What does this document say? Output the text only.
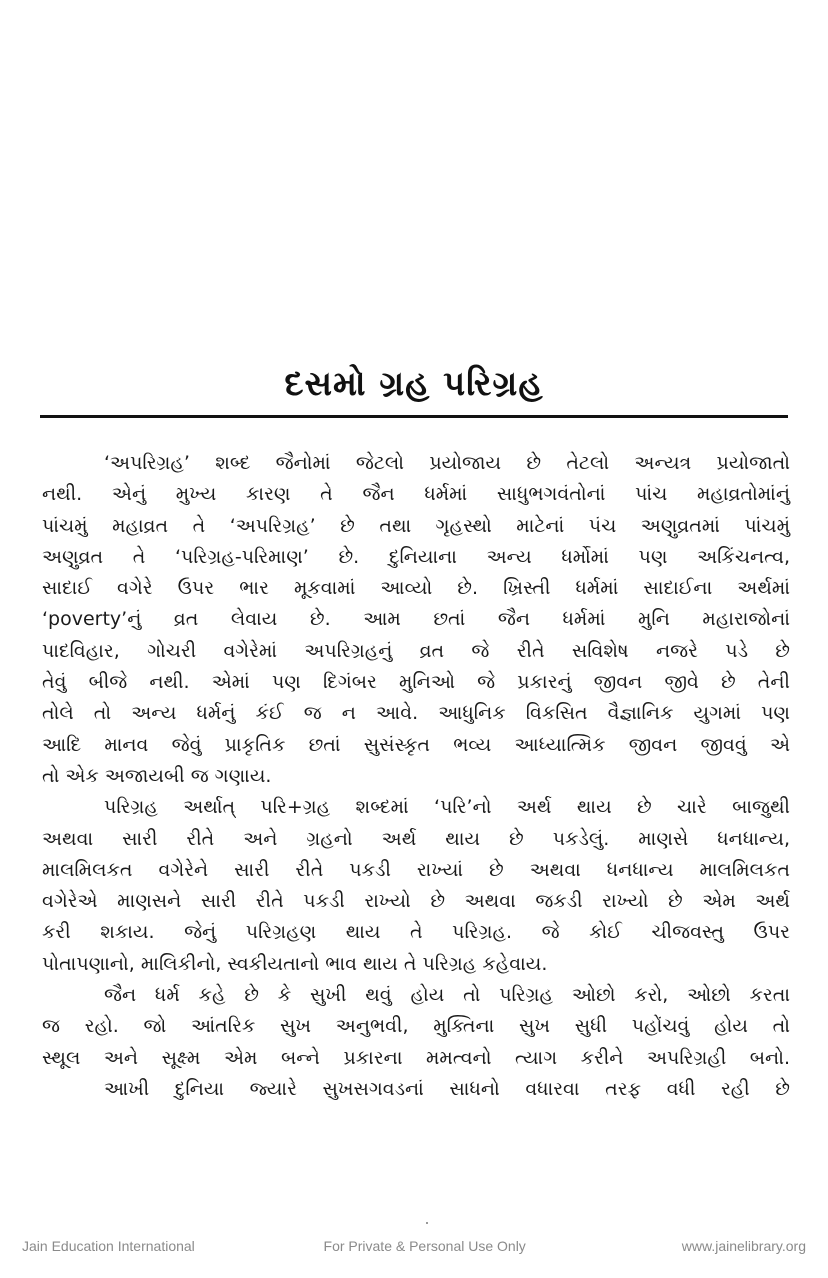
દસમો ગ્રહ પરિગ્રહ
‘અપરિગ્રહ’ શબ્દ જૈનોમાં જેટલો પ્રયોજાય છે તેટલો અન્યત્ર પ્રયોજાતો
નથી. એનું મુખ્ય કારણ તે જૈન ધર્મમાં સાધુભગવંતોનાં પાંચ મહાવ્રતોમાંનું
પાંચમું મહાવ્રત તે ‘અપરિગ્રહ’ છે તથા ગૃહસ્થો માટેનાં પંચ અણુવ્રતમાં પાંચમું
અણુવ્રત તે ‘પરિગ્રહ-પરિમાણ’ છે. દુનિયાના અન્ય ધર્મોમાં પણ અકિંચનત્વ,
સાદાઈ વગેરે ઉપર ભાર મૂકવામાં આવ્યો છે. ખ્રિસ્તી ધર્મમાં સાદાઈના અર્થમાં
‘poverty’નું વ્રત લેવાય છે. આમ છતાં જૈન ધર્મમાં મુનિ મહારાજોનાં
પાદવિહાર, ગોચરી વગેરેમાં અપરિગ્રહનું વ્રત જે રીતે સવિશેષ નજરે પડે છે
તેવું બીજે નથી. એમાં પણ દિગંબર મુનિઓ જે પ્રકારનું જીવન જીવે છે તેની
તોલે તો અન્ય ધર્મનું કંઈ જ ન આવે. આધુનિક વિકસિત વૈજ્ઞાનિક યુગમાં પણ
આદિ માનવ જેવું પ્રાકૃતિક છતાં સુસંસ્કૃત ભવ્ય આધ્યાત્મિક જીવન જીવવું એ
તો એક અજાયબી જ ગણાય.
પરિગ્રહ અર્થાત્ પરિ+ગ્રહ શબ્દમાં ‘પરિ’નો અર્થ થાય છે ચારે બાજુથી
અથવા સારી રીતે અને ગ્રહનો અર્થ થાય છે પકડેલું. માણસે ધનધાન્ય,
માલમિલકત વગેરેને સારી રીતે પકડી રાખ્યાં છે અથવા ધનધાન્ય માલમિલકત
વગેરેએ માણસને સારી રીતે પકડી રાખ્યો છે અથવા જકડી રાખ્યો છે એમ અર્થ
કરી શકાય. જેનું પરિગ્રહણ થાય તે પરિગ્રહ. જે કોઈ ચીજવસ્તુ ઉપર
પોતાપણાનો, માલિકીનો, સ્વકીયતાનો ભાવ થાય તે પરિગ્રહ કહેવાય.
જૈન ધર્મ કહે છે કે સુખી થવું હોય તો પરિગ્રહ ઓછો કરો, ઓછો કરતા
જ રહો. જો આંતરિક સુખ અનુભવી, મુક્તિના સુખ સુધી પહોંચવું હોય તો
સ્થૂલ અને સૂક્ષ્મ એમ બન્ને પ્રકારના મમત્વનો ત્યાગ કરીને અપરિગ્રહી બનો.
આખી દુનિયા જ્યારે સુખસગવડનાં સાધનો વધારવા તરફ વધી રહી છે
Jain Education International	For Private & Personal Use Only	www.jainelibrary.org
